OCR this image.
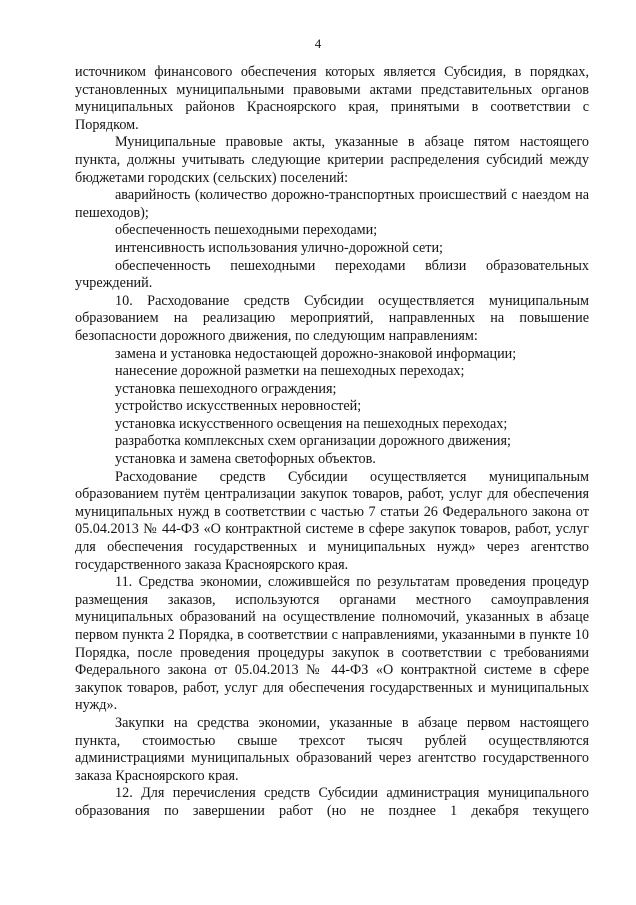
4

источником финансового обеспечения которых является Субсидия, в порядках, установленных муниципальными правовыми актами представительных органов муниципальных районов Красноярского края, принятыми в соответствии с Порядком.

Муниципальные правовые акты, указанные в абзаце пятом настоящего пункта, должны учитывать следующие критерии распределения субсидий между бюджетами городских (сельских) поселений:

аварийность (количество дорожно-транспортных происшествий с наездом на пешеходов);

обеспеченность пешеходными переходами;

интенсивность использования улично-дорожной сети;

обеспеченность пешеходными переходами вблизи образовательных учреждений.

10. Расходование средств Субсидии осуществляется муниципальным образованием на реализацию мероприятий, направленных на повышение безопасности дорожного движения, по следующим направлениям:

замена и установка недостающей дорожно-знаковой информации;

нанесение дорожной разметки на пешеходных переходах;

установка пешеходного ограждения;

устройство искусственных неровностей;

установка искусственного освещения на пешеходных переходах;

разработка комплексных схем организации дорожного движения;

установка и замена светофорных объектов.

Расходование средств Субсидии осуществляется муниципальным образованием путём централизации закупок товаров, работ, услуг для обеспечения муниципальных нужд в соответствии с частью 7 статьи 26 Федерального закона от 05.04.2013 № 44-ФЗ «О контрактной системе в сфере закупок товаров, работ, услуг для обеспечения государственных и муниципальных нужд» через агентство государственного заказа Красноярского края.

11. Средства экономии, сложившейся по результатам проведения процедур размещения заказов, используются органами местного самоуправления муниципальных образований на осуществление полномочий, указанных в абзаце первом пункта 2 Порядка, в соответствии с направлениями, указанными в пункте 10 Порядка, после проведения процедуры закупок в соответствии с требованиями Федерального закона от 05.04.2013 № 44-ФЗ «О контрактной системе в сфере закупок товаров, работ, услуг для обеспечения государственных и муниципальных нужд».

Закупки на средства экономии, указанные в абзаце первом настоящего пункта, стоимостью свыше трехсот тысяч рублей осуществляются администрациями муниципальных образований через агентство государственного заказа Красноярского края.

12. Для перечисления средств Субсидии администрация муниципального образования по завершении работ (но не позднее 1 декабря текущего
